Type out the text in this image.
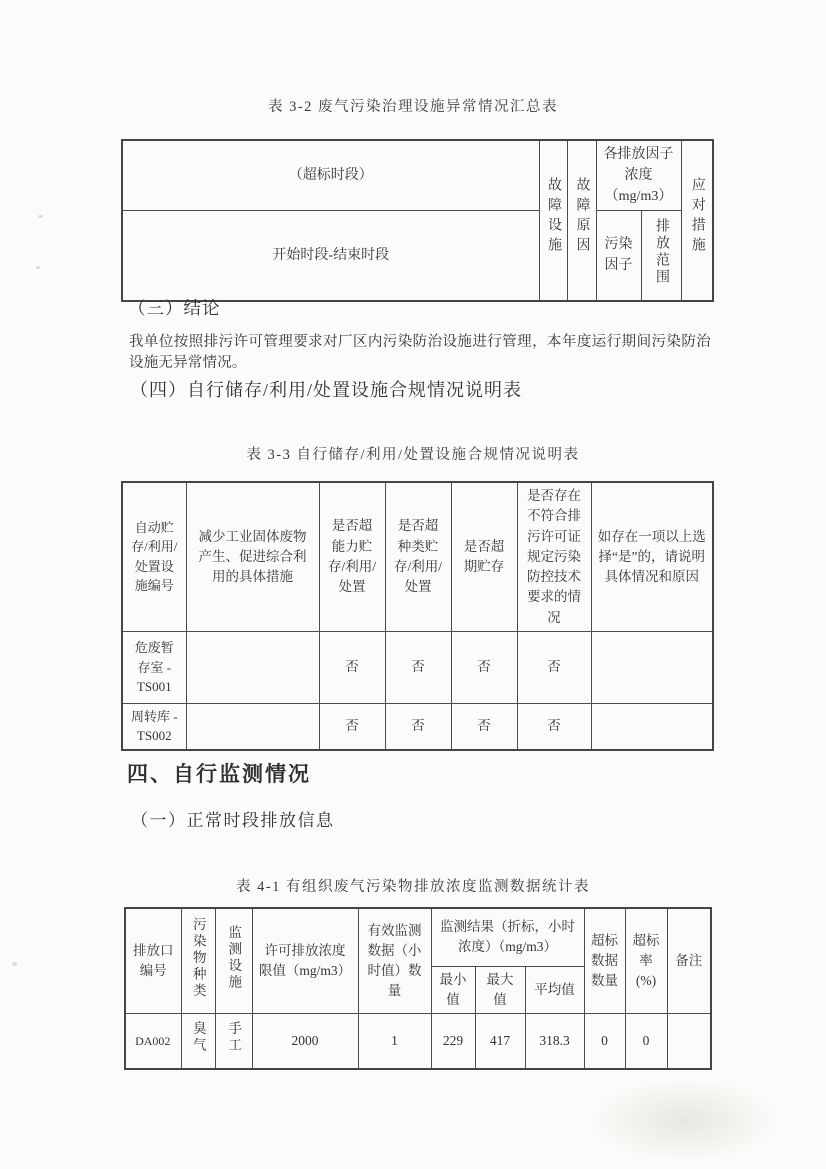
表 3-2 废气污染治理设施异常情况汇总表
（超标时段）	故障设施	故障原因	各排放因子浓度（mg/m3）		应对措施
开始时段-结束时段			污染因子	排放范围	
（三）结论
我单位按照排污许可管理要求对厂区内污染防治设施进行管理，本年度运行期间污染防治设施无异常情况。
（四）自行储存/利用/处置设施合规情况说明表
表 3-3 自行储存/利用/处置设施合规情况说明表
自动贮存/利用/处置设施编号	减少工业固体废物产生、促进综合利用的具体措施	是否超能力贮存/利用/处置	是否超种类贮存/利用/处置	是否超期贮存	是否存在不符合排污许可证规定污染防控技术要求的情况	如存在一项以上选择“是”的，请说明具体情况和原因
危废暂存室 - TS001		否	否	否	否	
周转库 - TS002		否	否	否	否	
四、自行监测情况
（一）正常时段排放信息
表 4-1 有组织废气污染物排放浓度监测数据统计表
排放口编号	污染物种类	监测设施	许可排放浓度限值（mg/m3）	有效监测数据（小时值）数量	监测结果（折标，小时浓度）（mg/m3）			超标数据数量	超标率(%)	备注
					最小值	最大值	平均值			
DA002	臭气	手工	2000	1	229	417	318.3	0	0	
